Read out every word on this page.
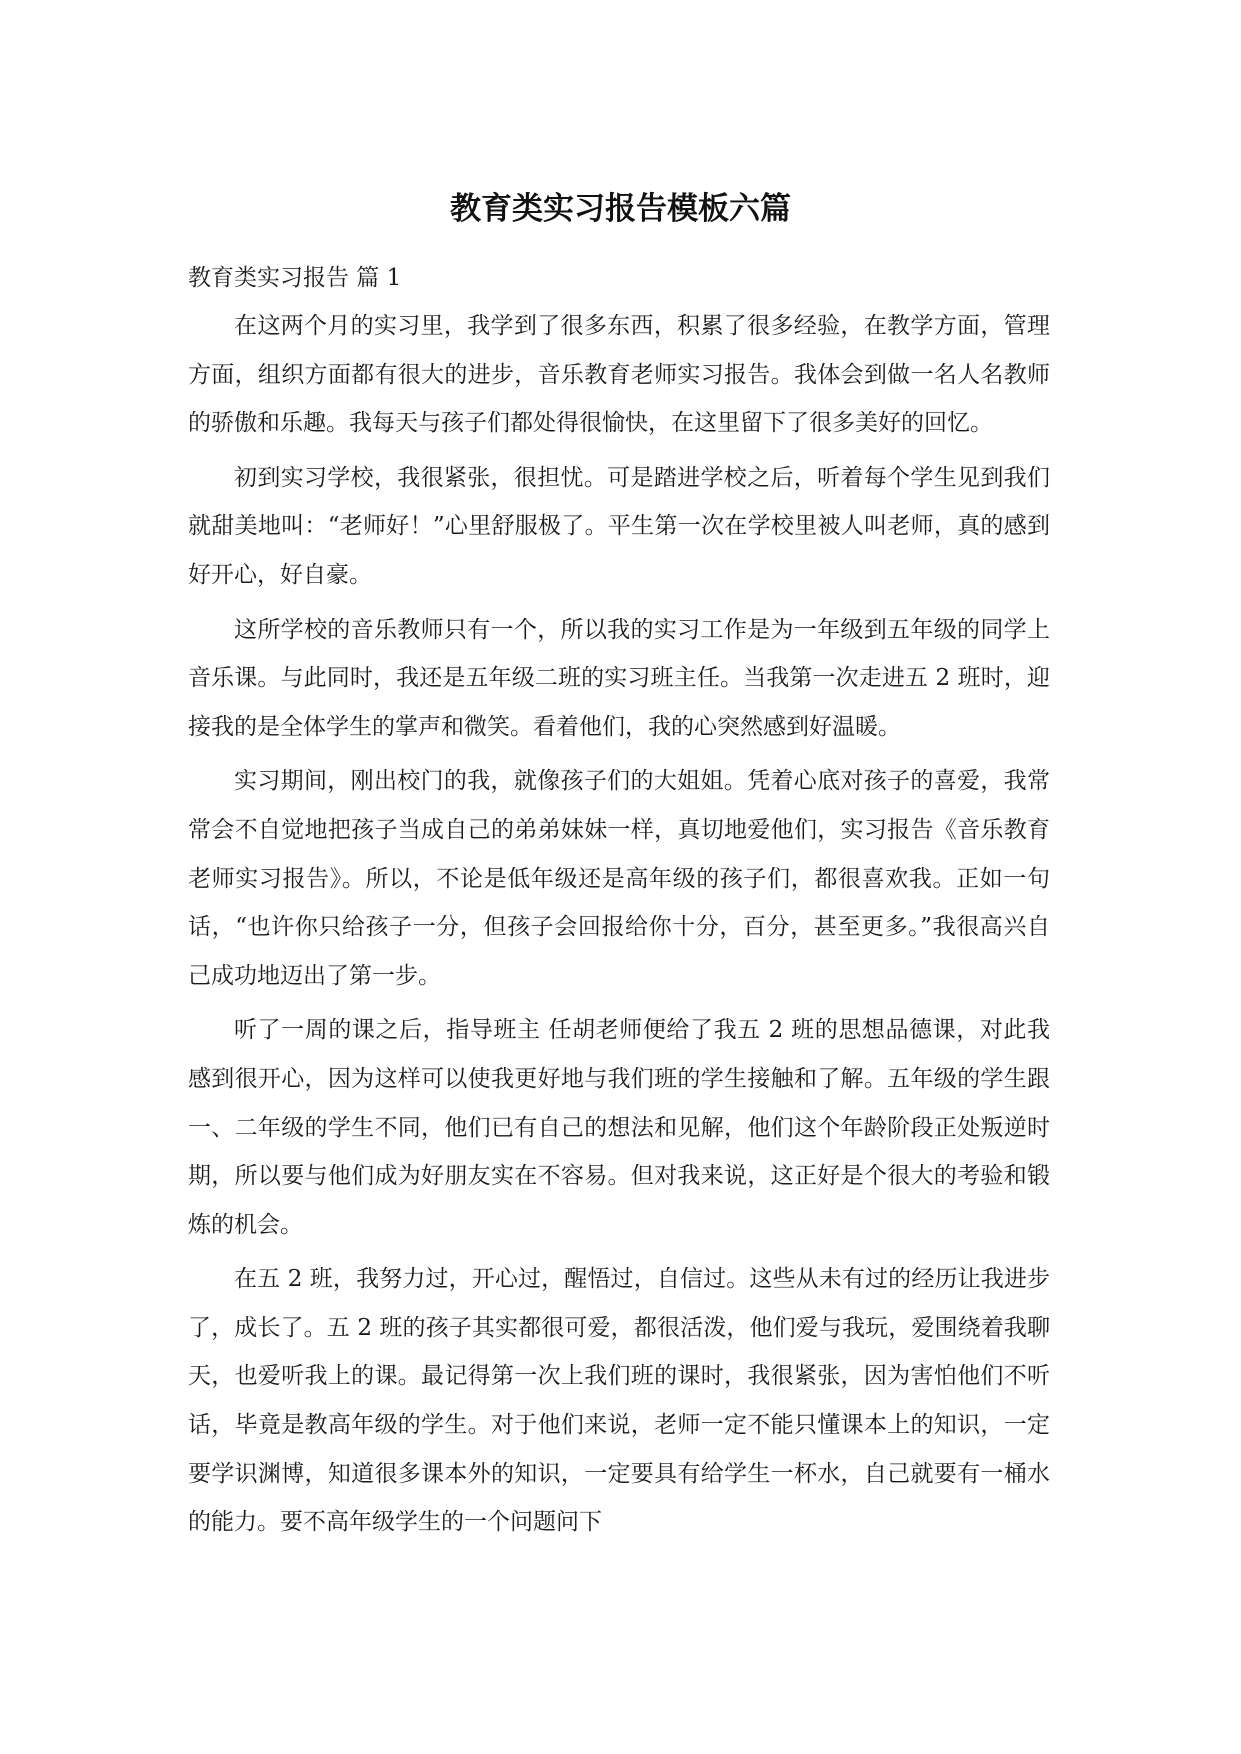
教育类实习报告模板六篇

教育类实习报告 篇 1

在这两个月的实习里，我学到了很多东西，积累了很多经验，在教学方面，管理方面，组织方面都有很大的进步，音乐教育老师实习报告。我体会到做一名人名教师的骄傲和乐趣。我每天与孩子们都处得很愉快，在这里留下了很多美好的回忆。

初到实习学校，我很紧张，很担忧。可是踏进学校之后，听着每个学生见到我们就甜美地叫：“老师好！”心里舒服极了。平生第一次在学校里被人叫老师，真的感到好开心，好自豪。

这所学校的音乐教师只有一个，所以我的实习工作是为一年级到五年级的同学上音乐课。与此同时，我还是五年级二班的实习班主任。当我第一次走进五 2 班时，迎接我的是全体学生的掌声和微笑。看着他们，我的心突然感到好温暖。

实习期间，刚出校门的我，就像孩子们的大姐姐。凭着心底对孩子的喜爱，我常常会不自觉地把孩子当成自己的弟弟妹妹一样，真切地爱他们，实习报告《音乐教育老师实习报告》。所以，不论是低年级还是高年级的孩子们，都很喜欢我。正如一句话，“也许你只给孩子一分，但孩子会回报给你十分，百分，甚至更多。”我很高兴自己成功地迈出了第一步。

听了一周的课之后，指导班主 任胡老师便给了我五 2 班的思想品德课，对此我感到很开心，因为这样可以使我更好地与我们班的学生接触和了解。五年级的学生跟一、二年级的学生不同，他们已有自己的想法和见解，他们这个年龄阶段正处叛逆时期，所以要与他们成为好朋友实在不容易。但对我来说，这正好是个很大的考验和锻炼的机会。

在五 2 班，我努力过，开心过，醒悟过，自信过。这些从未有过的经历让我进步了，成长了。五 2 班的孩子其实都很可爱，都很活泼，他们爱与我玩，爱围绕着我聊天，也爱听我上的课。最记得第一次上我们班的课时，我很紧张，因为害怕他们不听话，毕竟是教高年级的学生。对于他们来说，老师一定不能只懂课本上的知识，一定要学识渊博，知道很多课本外的知识，一定要具有给学生一杯水，自己就要有一桶水的能力。要不高年级学生的一个问题问下
